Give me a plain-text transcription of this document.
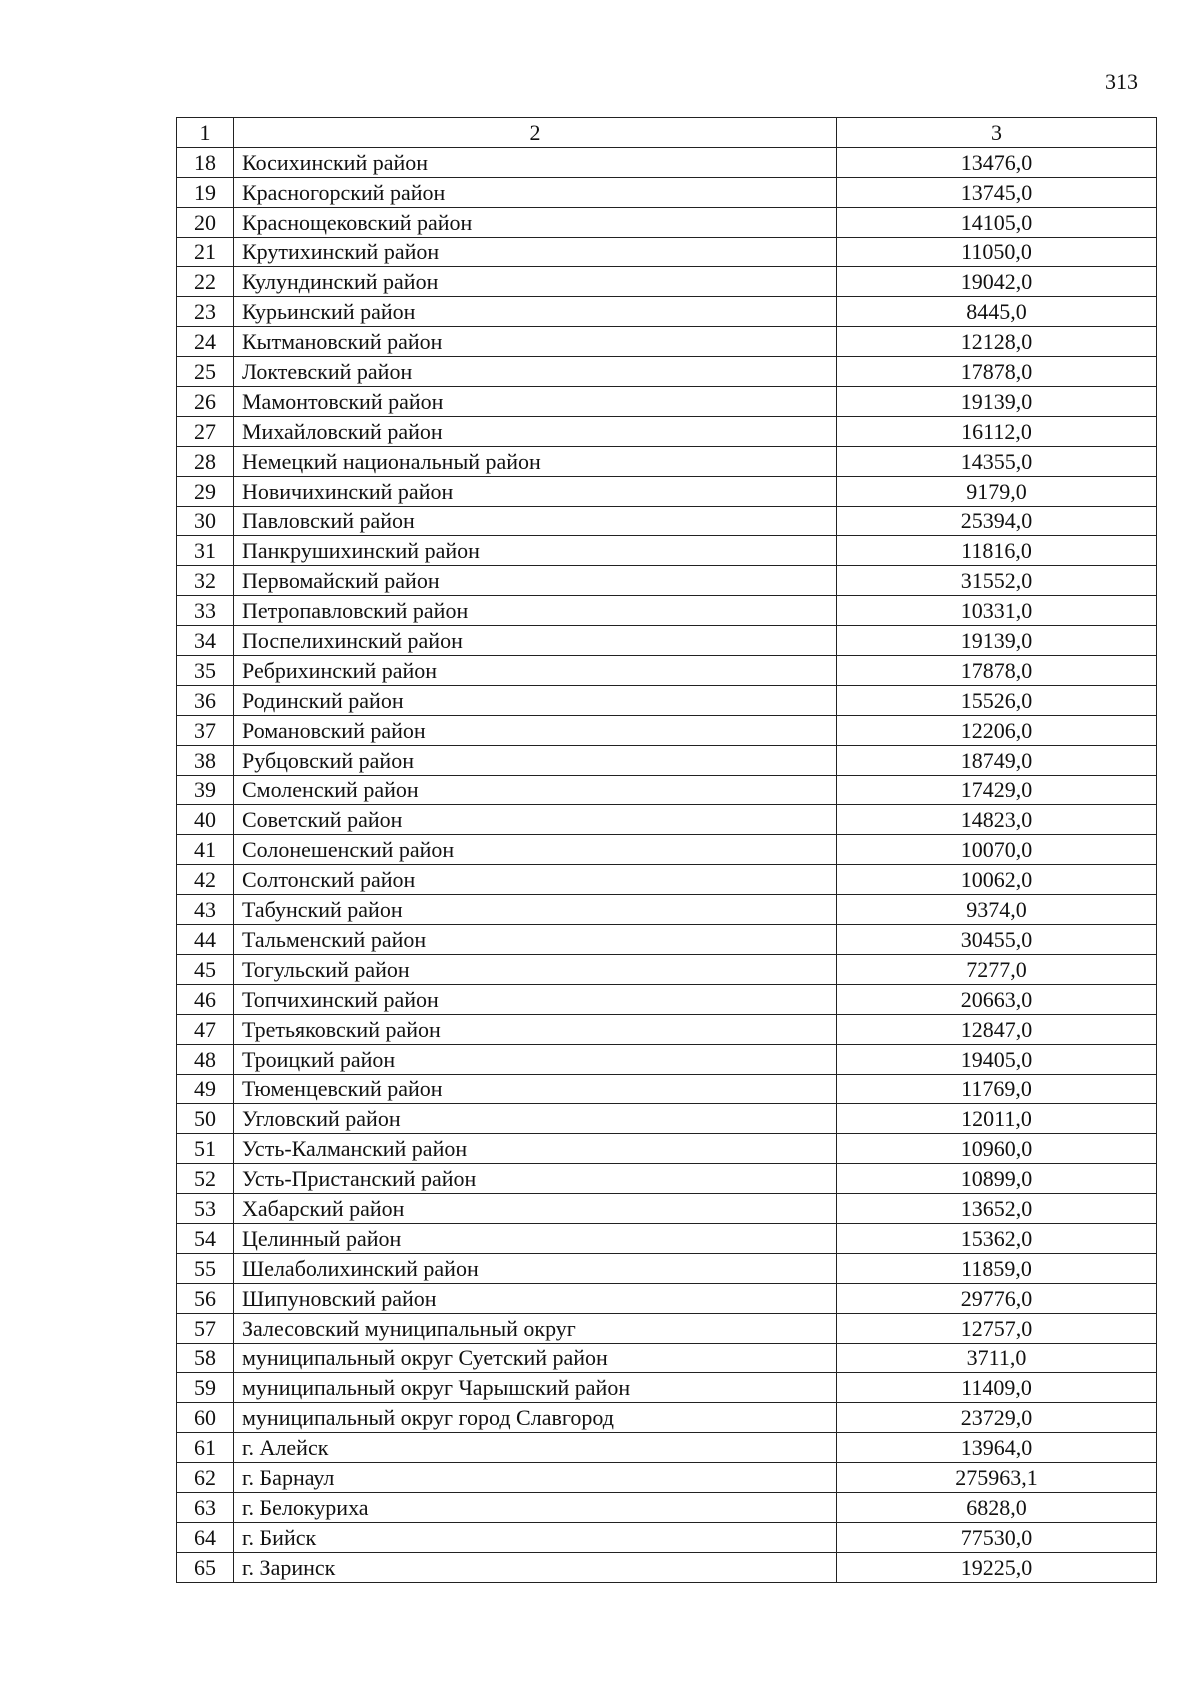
313
1	2	3
18	Косихинский район	13476,0
19	Красногорский район	13745,0
20	Краснощековский район	14105,0
21	Крутихинский район	11050,0
22	Кулундинский район	19042,0
23	Курьинский район	8445,0
24	Кытмановский район	12128,0
25	Локтевский район	17878,0
26	Мамонтовский район	19139,0
27	Михайловский район	16112,0
28	Немецкий национальный район	14355,0
29	Новичихинский район	9179,0
30	Павловский район	25394,0
31	Панкрушихинский район	11816,0
32	Первомайский район	31552,0
33	Петропавловский район	10331,0
34	Поспелихинский район	19139,0
35	Ребрихинский район	17878,0
36	Родинский район	15526,0
37	Романовский район	12206,0
38	Рубцовский район	18749,0
39	Смоленский район	17429,0
40	Советский район	14823,0
41	Солонешенский район	10070,0
42	Солтонский район	10062,0
43	Табунский район	9374,0
44	Тальменский район	30455,0
45	Тогульский район	7277,0
46	Топчихинский район	20663,0
47	Третьяковский район	12847,0
48	Троицкий район	19405,0
49	Тюменцевский район	11769,0
50	Угловский район	12011,0
51	Усть-Калманский район	10960,0
52	Усть-Пристанский район	10899,0
53	Хабарский район	13652,0
54	Целинный район	15362,0
55	Шелаболихинский район	11859,0
56	Шипуновский район	29776,0
57	Залесовский муниципальный округ	12757,0
58	муниципальный округ Суетский район	3711,0
59	муниципальный округ Чарышский район	11409,0
60	муниципальный округ город Славгород	23729,0
61	г. Алейск	13964,0
62	г. Барнаул	275963,1
63	г. Белокуриха	6828,0
64	г. Бийск	77530,0
65	г. Заринск	19225,0
